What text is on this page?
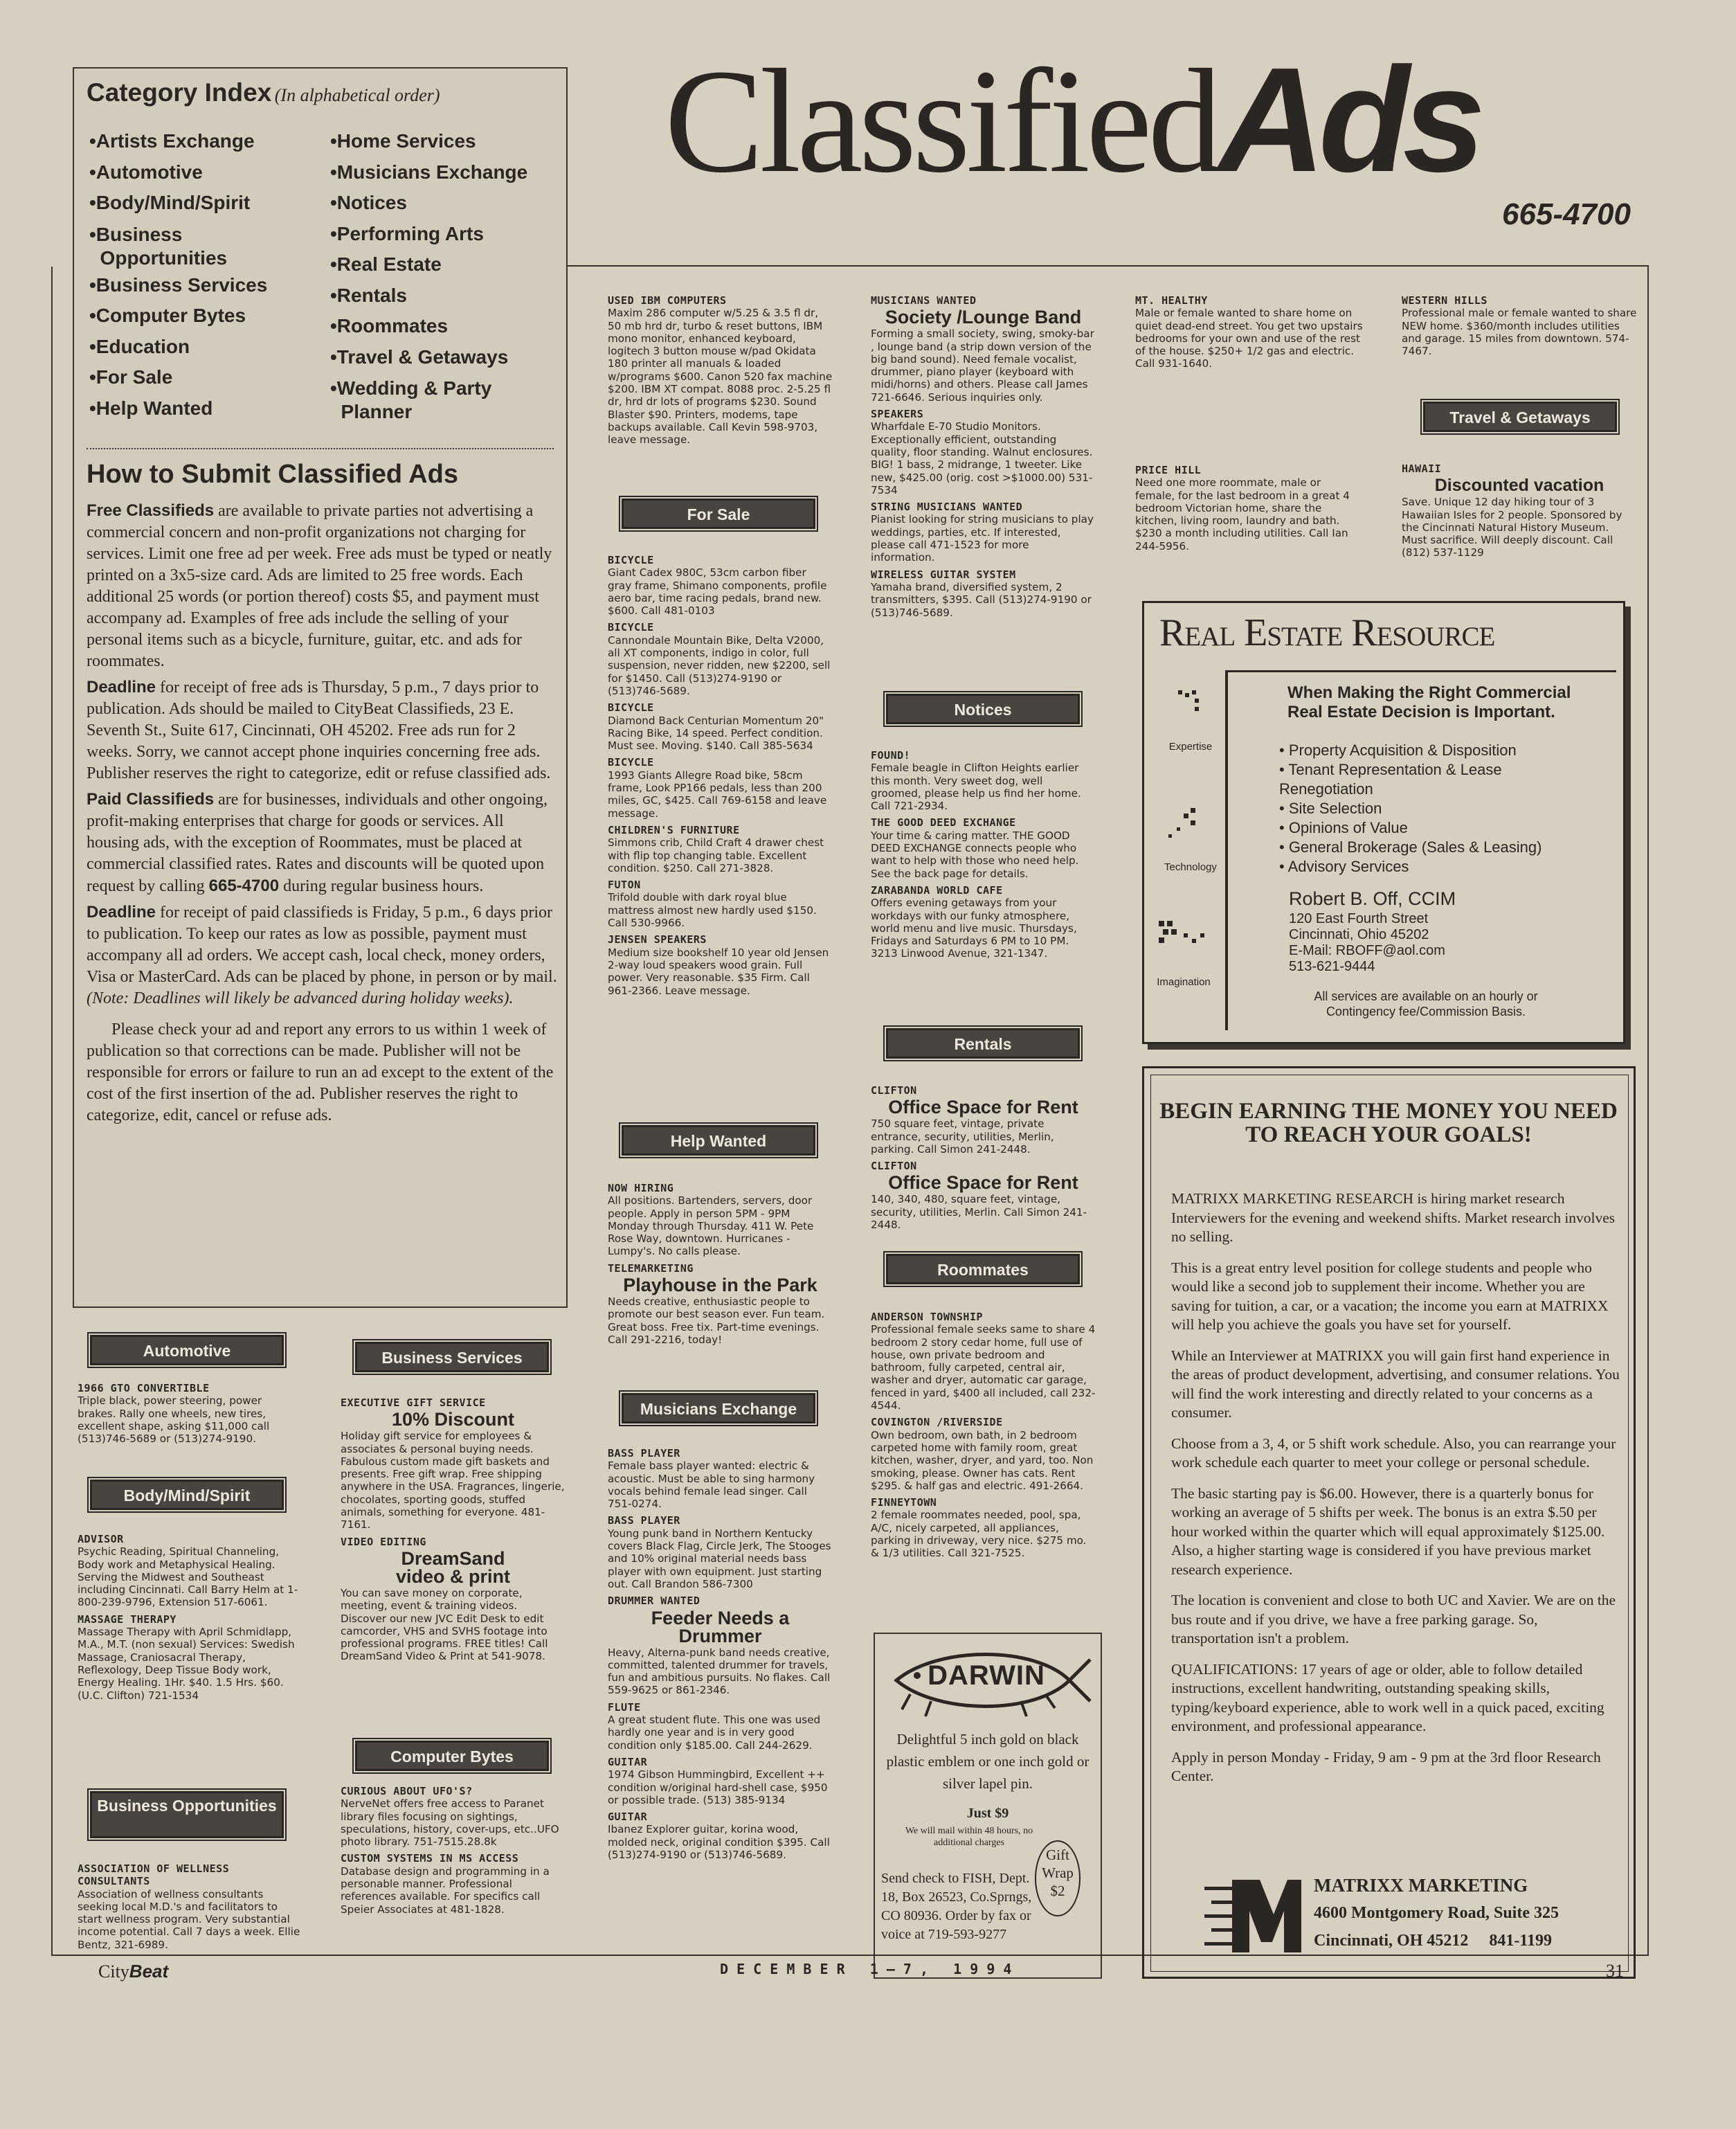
ClassifiedAds
665-4700
Category Index (In alphabetical order)
•Artists Exchange
•Automotive
•Body/Mind/Spirit
•Business
Opportunities
•Business Services
•Computer Bytes
•Education
•For Sale
•Help Wanted
•Home Services
•Musicians Exchange
•Notices
•Performing Arts
•Real Estate
•Rentals
•Roommates
•Travel & Getaways
•Wedding & Party
Planner
How to Submit Classified Ads

Free Classifieds are available to private parties not advertising a commercial concern and non-profit organizations not charging for services. Limit one free ad per week. Free ads must be typed or neatly printed on a 3x5-size card. Ads are limited to 25 free words. Each additional 25 words (or portion thereof) costs $5, and payment must accompany ad. Examples of free ads include the selling of your personal items such as a bicycle, furniture, guitar, etc. and ads for roommates.

Deadline for receipt of free ads is Thursday, 5 p.m., 7 days prior to publication. Ads should be mailed to CityBeat Classifieds, 23 E. Seventh St., Suite 617, Cincinnati, OH 45202. Free ads run for 2 weeks. Sorry, we cannot accept phone inquiries concerning free ads. Publisher reserves the right to categorize, edit or refuse classified ads.

Paid Classifieds are for businesses, individuals and other ongoing, profit-making enterprises that charge for goods or services. All housing ads, with the exception of Roommates, must be placed at commercial classified rates. Rates and discounts will be quoted upon request by calling 665-4700 during regular business hours.

Deadline for receipt of paid classifieds is Friday, 5 p.m., 6 days prior to publication. To keep our rates as low as possible, payment must accompany all ad orders. We accept cash, local check, money orders, Visa or MasterCard. Ads can be placed by phone, in person or by mail.
(Note: Deadlines will likely be advanced during holiday weeks).

Please check your ad and report any errors to us within 1 week of publication so that corrections can be made. Publisher will not be responsible for errors or failure to run an ad except to the extent of the cost of the first insertion of the ad. Publisher reserves the right to categorize, edit, cancel or refuse ads.

Automotive
1966 GTO CONVERTIBLE
Triple black, power steering, power brakes. Rally one wheels, new tires, excellent shape, asking $11,000 call (513)746-5689 or (513)274-9190.
Body/Mind/Spirit
ADVISOR
Psychic Reading, Spiritual Channeling, Body work and Metaphysical Healing. Serving the Midwest and Southeast including Cincinnati. Call Barry Helm at 1-800-239-9796, Extension 517-6061.
MASSAGE THERAPY
Massage Therapy with April Schmidlapp, M.A., M.T. (non sexual) Services: Swedish Massage, Craniosacral Therapy, Reflexology, Deep Tissue Body work, Energy Healing. 1Hr. $40. 1.5 Hrs. $60. (U.C. Clifton) 721-1534
Business Opportunities
ASSOCIATION OF WELLNESS CONSULTANTS
Association of wellness consultants seeking local M.D.'s and facilitators to start wellness program. Very substantial income potential. Call 7 days a week. Ellie Bentz, 321-6989.
Business Services
EXECUTIVE GIFT SERVICE
10% Discount
Holiday gift service for employees & associates & personal buying needs. Fabulous custom made gift baskets and presents. Free gift wrap. Free shipping anywhere in the USA. Fragrances, lingerie, chocolates, sporting goods, stuffed animals, something for everyone. 481-7161.
VIDEO EDITING
DreamSand video & print
You can save money on corporate, meeting, event & training videos. Discover our new JVC Edit Desk to edit camcorder, VHS and SVHS footage into professional programs. FREE titles! Call DreamSand Video & Print at 541-9078.
Computer Bytes
CURIOUS ABOUT UFO'S?
NerveNet offers free access to Paranet library files focusing on sightings, speculations, history, cover-ups, etc..UFO photo library. 751-7515.28.8k
CUSTOM SYSTEMS IN MS ACCESS
Database design and programming in a personable manner. Professional references available. For specifics call Speier Associates at 481-1828.
USED IBM COMPUTERS
Maxim 286 computer w/5.25 & 3.5 fl dr, 50 mb hrd dr, turbo & reset buttons, IBM mono monitor, enhanced keyboard, logitech 3 button mouse w/pad Okidata 180 printer all manuals & loaded w/programs $600. Canon 520 fax machine $200. IBM XT compat. 8088 proc. 2-5.25 fl dr, hrd dr lots of programs $230. Sound Blaster $90. Printers, modems, tape backups available. Call Kevin 598-9703, leave message.
For Sale
BICYCLE
Giant Cadex 980C, 53cm carbon fiber gray frame, Shimano components, profile aero bar, time racing pedals, brand new. $600. Call 481-0103
BICYCLE
Cannondale Mountain Bike, Delta V2000, all XT components, indigo in color, full suspension, never ridden, new $2200, sell for $1450. Call (513)274-9190 or (513)746-5689.
BICYCLE
Diamond Back Centurian Momentum 20" Racing Bike, 14 speed. Perfect condition. Must see. Moving. $140. Call 385-5634
BICYCLE
1993 Giants Allegre Road bike, 58cm frame, Look PP166 pedals, less than 200 miles, GC, $425. Call 769-6158 and leave message.
CHILDREN'S FURNITURE
Simmons crib, Child Craft 4 drawer chest with flip top changing table. Excellent condition. $250. Call 271-3828.
FUTON
Trifold double with dark royal blue mattress almost new hardly used $150. Call 530-9966.
JENSEN SPEAKERS
Medium size bookshelf 10 year old Jensen 2-way loud speakers wood grain. Full power. Very reasonable. $35 Firm. Call 961-2366. Leave message.
Help Wanted
NOW HIRING
All positions. Bartenders, servers, door people. Apply in person 5PM - 9PM Monday through Thursday. 411 W. Pete Rose Way, downtown. Hurricanes - Lumpy's. No calls please.
TELEMARKETING
Playhouse in the Park
Needs creative, enthusiastic people to promote our best season ever. Fun team. Great boss. Free tix. Part-time evenings. Call 291-2216, today!
Musicians Exchange
BASS PLAYER
Female bass player wanted: electric & acoustic. Must be able to sing harmony vocals behind female lead singer. Call 751-0274.
BASS PLAYER
Young punk band in Northern Kentucky covers Black Flag, Circle Jerk, The Stooges and 10% original material needs bass player with own equipment. Just starting out. Call Brandon 586-7300
DRUMMER WANTED
Feeder Needs a Drummer
Heavy, Alterna-punk band needs creative, committed, talented drummer for travels, fun and ambitious pursuits. No flakes. Call 559-9625 or 861-2346.
FLUTE
A great student flute. This one was used hardly one year and is in very good condition only $185.00. Call 244-2629.
GUITAR
1974 Gibson Hummingbird, Excellent ++ condition w/original hard-shell case, $950 or possible trade. (513) 385-9134
GUITAR
Ibanez Explorer guitar, korina wood, molded neck, original condition $395. Call (513)274-9190 or (513)746-5689.
MUSICIANS WANTED
Society /Lounge Band
Forming a small society, swing, smoky-bar , lounge band (a strip down version of the big band sound). Need female vocalist, drummer, piano player (keyboard with midi/horns) and others. Please call James 721-6646. Serious inquiries only.
SPEAKERS
Wharfdale E-70 Studio Monitors. Exceptionally efficient, outstanding quality, floor standing. Walnut enclosures. BIG! 1 bass, 2 midrange, 1 tweeter. Like new, $425.00 (orig. cost >$1000.00) 531-7534
STRING MUSICIANS WANTED
Pianist looking for string musicians to play weddings, parties, etc. If interested, please call 471-1523 for more information.
WIRELESS GUITAR SYSTEM
Yamaha brand, diversified system, 2 transmitters, $395. Call (513)274-9190 or (513)746-5689.
Notices
FOUND!
Female beagle in Clifton Heights earlier this month. Very sweet dog, well groomed, please help us find her home. Call 721-2934.
THE GOOD DEED EXCHANGE
Your time & caring matter. THE GOOD DEED EXCHANGE connects people who want to help with those who need help. See the back page for details.
ZARABANDA WORLD CAFE
Offers evening getaways from your workdays with our funky atmosphere, world menu and live music. Thursdays, Fridays and Saturdays 6 PM to 10 PM. 3213 Linwood Avenue, 321-1347.
Rentals
CLIFTON
Office Space for Rent
750 square feet, vintage, private entrance, security, utilities, Merlin, parking. Call Simon 241-2448.
CLIFTON
Office Space for Rent
140, 340, 480, square feet, vintage, security, utilities, Merlin. Call Simon 241-2448.
Roommates
ANDERSON TOWNSHIP
Professional female seeks same to share 4 bedroom 2 story cedar home, full use of house, own private bedroom and bathroom, fully carpeted, central air, washer and dryer, automatic car garage, fenced in yard, $400 all included, call 232-4544.
COVINGTON /RIVERSIDE
Own bedroom, own bath, in 2 bedroom carpeted home with family room, great kitchen, washer, dryer, and yard, too. Non smoking, please. Owner has cats. Rent $295. & half gas and electric. 491-2664.
FINNEYTOWN
2 female roommates needed, pool, spa, A/C, nicely carpeted, all appliances, parking in driveway, very nice. $275 mo. & 1/3 utilities. Call 321-7525.
DARWIN
Delightful 5 inch gold on black plastic emblem or one inch gold or silver lapel pin.
Just $9
We will mail within 48 hours, no additional charges
Send check to FISH, Dept. 18, Box 26523, Co.Sprngs, CO 80936. Order by fax or voice at 719-593-9277
Gift Wrap $2
MT. HEALTHY
Male or female wanted to share home on quiet dead-end street. You get two upstairs bedrooms for your own and use of the rest of the house. $250+ 1/2 gas and electric. Call 931-1640.
PRICE HILL
Need one more roommate, male or female, for the last bedroom in a great 4 bedroom Victorian home, share the kitchen, living room, laundry and bath. $230 a month including utilities. Call Ian 244-5956.
WESTERN HILLS
Professional male or female wanted to share NEW home. $360/month includes utilities and garage. 15 miles from downtown. 574-7467.
Travel & Getaways
HAWAII
Discounted vacation
Save. Unique 12 day hiking tour of 3 Hawaiian Isles for 2 people. Sponsored by the Cincinnati Natural History Museum. Must sacrifice. Will deeply discount. Call (812) 537-1129
Real Estate Resource
When Making the Right Commercial Real Estate Decision is Important.
• Property Acquisition & Disposition
• Tenant Representation & Lease Renegotiation
• Site Selection
• Opinions of Value
• General Brokerage (Sales & Leasing)
• Advisory Services
Robert B. Off, CCIM
120 East Fourth Street
Cincinnati, Ohio 45202
E-Mail: RBOFF@aol.com
513-621-9444
All services are available on an hourly or Contingency fee/Commission Basis.
Expertise
Technology
Imagination
BEGIN EARNING THE MONEY YOU NEED TO REACH YOUR GOALS!

MATRIXX MARKETING RESEARCH is hiring market research Interviewers for the evening and weekend shifts. Market research involves no selling.

This is a great entry level position for college students and people who would like a second job to supplement their income. Whether you are saving for tuition, a car, or a vacation; the income you earn at MATRIXX will help you achieve the goals you have set for yourself.

While an Interviewer at MATRIXX you will gain first hand experience in the areas of product development, advertising, and consumer relations. You will find the work interesting and directly related to your concerns as a consumer.

Choose from a 3, 4, or 5 shift work schedule. Also, you can rearrange your work schedule each quarter to meet your college or personal schedule.

The basic starting pay is $6.00. However, there is a quarterly bonus for working an average of 5 shifts per week. The bonus is an extra $.50 per hour worked within the quarter which will equal approximately $125.00. Also, a higher starting wage is considered if you have previous market research experience.

The location is convenient and close to both UC and Xavier. We are on the bus route and if you drive, we have a free parking garage. So, transportation isn't a problem.

QUALIFICATIONS: 17 years of age or older, able to follow detailed instructions, excellent handwriting, outstanding speaking skills, typing/keyboard experience, able to work well in a quick paced, exciting environment, and professional appearance.

Apply in person Monday - Friday, 9 am - 9 pm at the 3rd floor Research Center.

MATRIXX MARKETING
4600 Montgomery Road, Suite 325
Cincinnati, OH 45212 841-1199
CityBeat	D E C E M B E R   1 — 7 ,   1 9 9 4	31
